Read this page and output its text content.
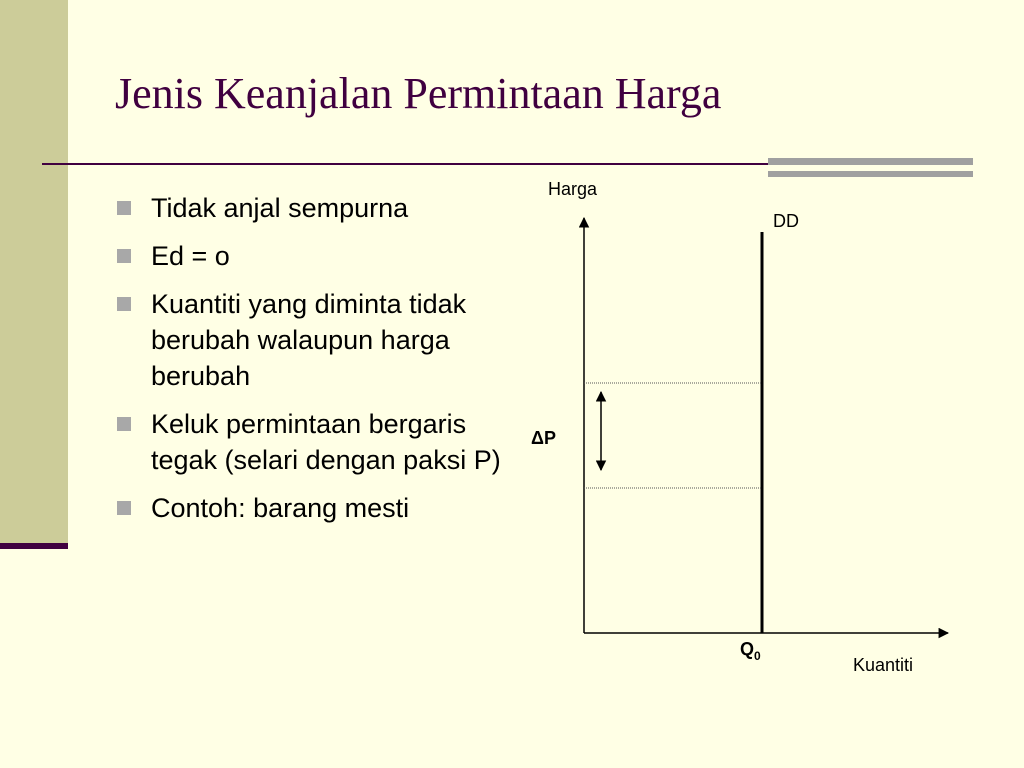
Jenis Keanjalan Permintaan Harga
Tidak anjal sempurna
Ed = o
Kuantiti yang diminta tidak berubah walaupun harga berubah
Keluk permintaan bergaris tegak (selari dengan paksi P)
Contoh: barang mesti
Harga
Kuantiti
DD
ΔP
$Q_0$
